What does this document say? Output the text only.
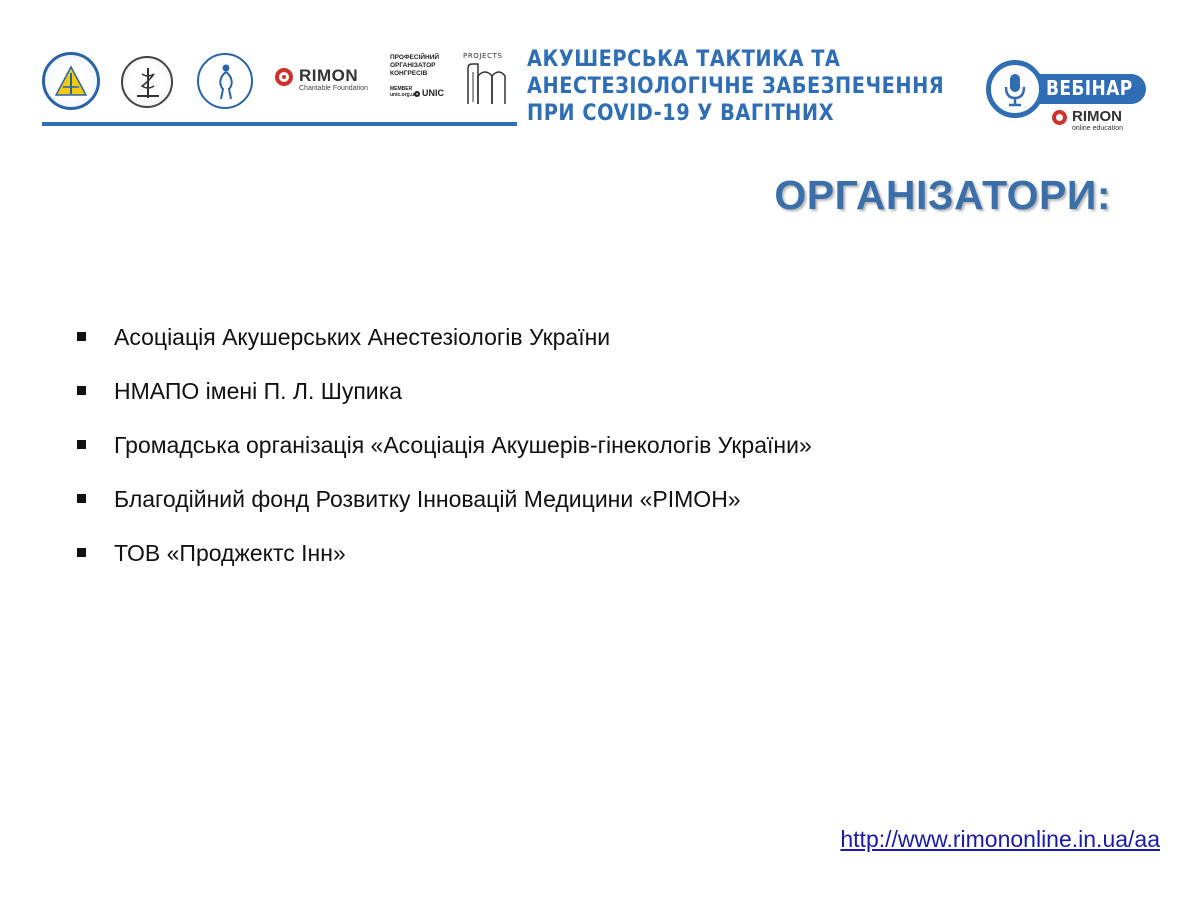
RIMON
Charitable Foundation
ПРОФЕСІЙНИЙ
ОРГАНІЗАТОР
КОНГРЕСІВ
MEMBER
unic.org.ua UNIC
PROJECTS АКУШЕРСЬКА ТАКТИКА ТА
АНЕСТЕЗІОЛОГІЧНЕ ЗАБЕЗПЕЧЕННЯ
ПРИ COVID-19 У ВАГІТНИХ
ВЕБІНАР
RIMON
online education
ОРГАНІЗАТОРИ:
Асоціація Акушерських Анестезіологів України
НМАПО імені П. Л. Шупика
Громадська організація «Асоціація Акушерів-гінекологів України»
Благодійний фонд Розвитку Інновацій Медицини «РІМОН»
ТОВ «Проджектс Інн»
http://www.rimononline.in.ua/aa
